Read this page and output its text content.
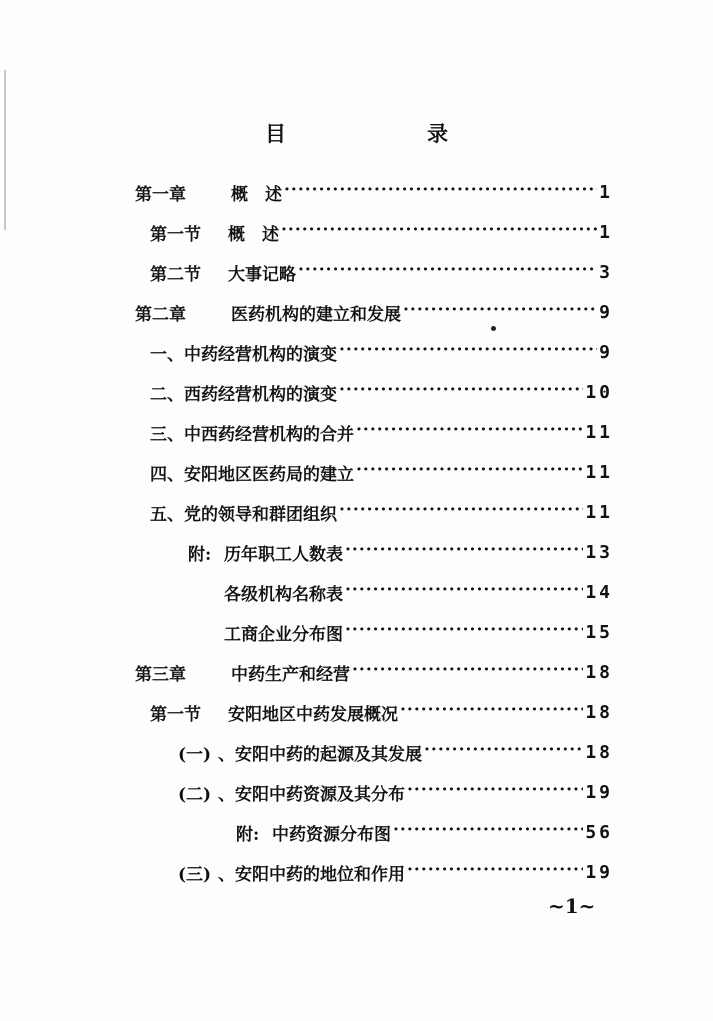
目　录
第一章	概　述 ·····	1
第一节 概　述 ·····	1
第二节 大事记略 ·····	3
第二章	医药机构的建立和发展 ·····	9
一、中药经营机构的演变 ·····	9
二、西药经营机构的演变 ·····	10
三、中西药经营机构的合并 ·····	11
四、安阳地区医药局的建立 ·····	11
五、党的领导和群团组织 ·····	11
附: 历年职工人数表 ·····	13
各级机构名称表 ·····	14
工商企业分布图 ·····	15
第三章	中药生产和经营 ·····	18
第一节 安阳地区中药发展概况 ·····	18
(一) 、安阳中药的起源及其发展 ·····	18
(二) 、安阳中药资源及其分布 ·····	19
附: 中药资源分布图 ·····	56
(三) 、安阳中药的地位和作用 ·····	19
~1~
